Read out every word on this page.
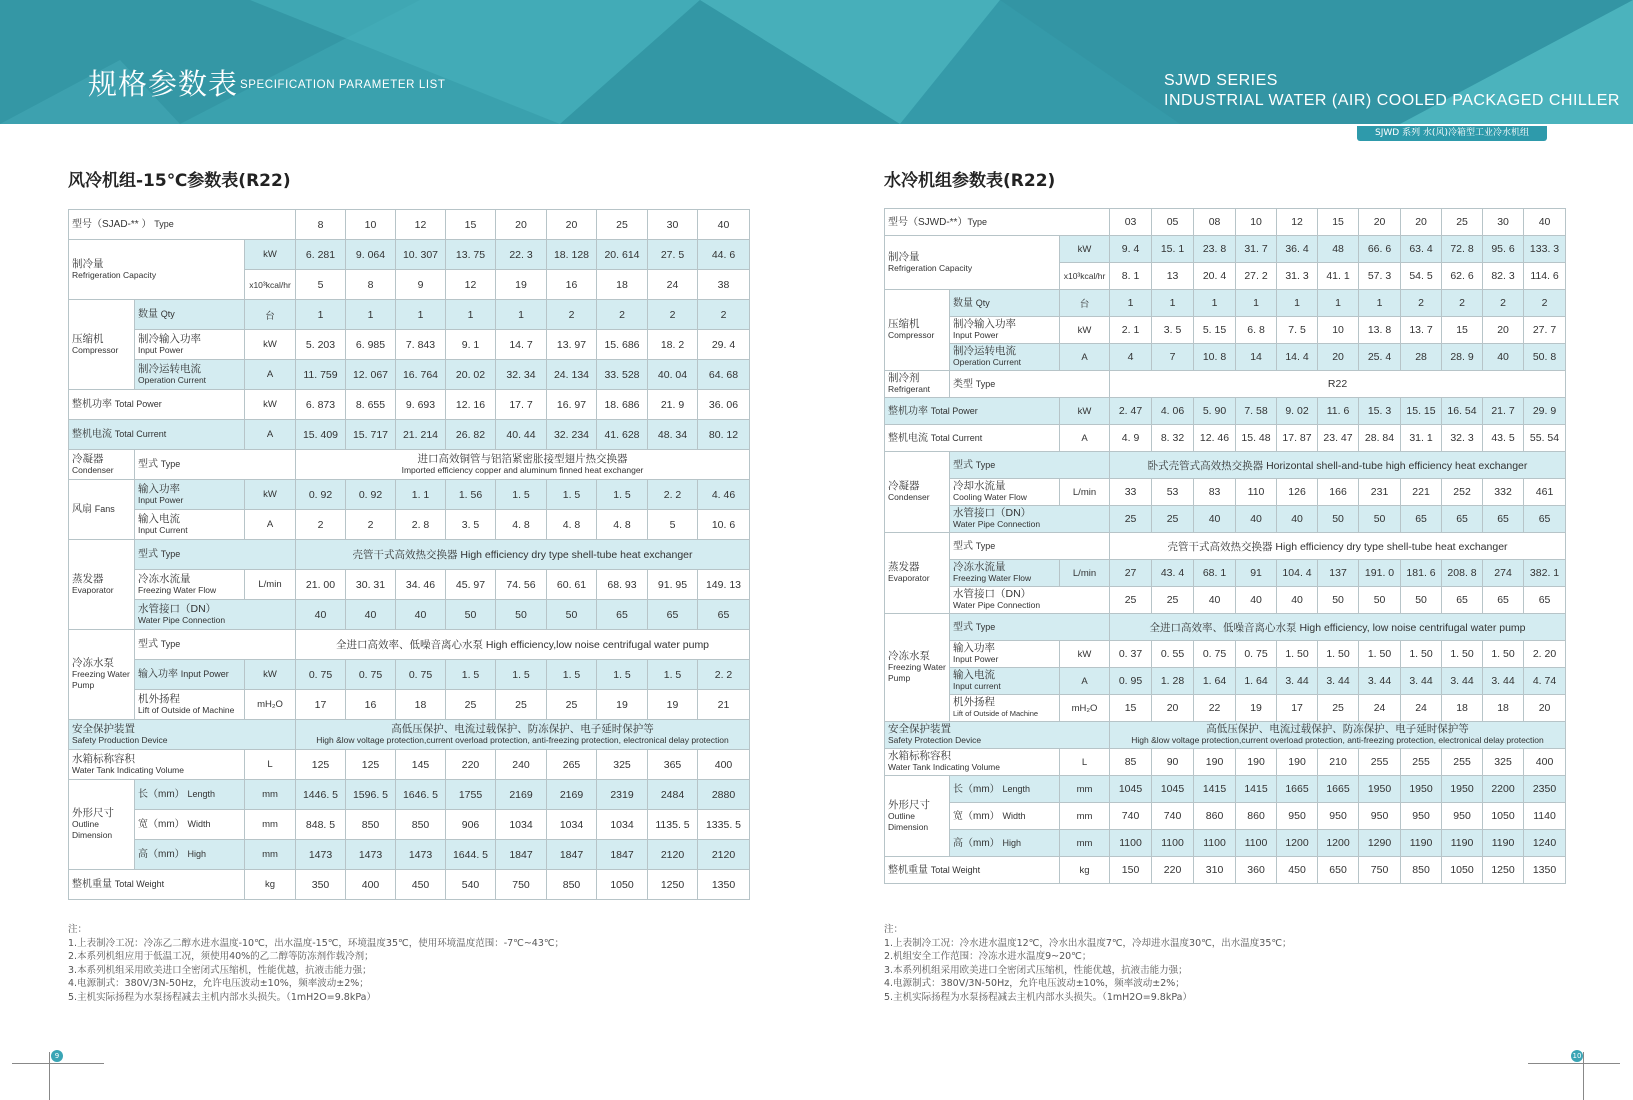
规格参数表 SPECIFICATION PARAMETER LIST	SJWD SERIES
INDUSTRIAL WATER (AIR) COOLED PACKAGED CHILLER
SJWD 系列 水(风)冷箱型工业冷水机组
风冷机组-15℃参数表(R22)
型号（SJAD-** ） Type			8	10	12	15	20	20	25	30	40

制冷量
Refrigeration Capacity		kW	6. 281	9. 064	10. 307	13. 75	22. 3	18. 128	20. 614	27. 5	44. 6
		x10³kcal/hr	5	8	9	12	19	16	18	24	38

压缩机
Compressor	数量 Qty	台	1	1	1	1	1	2	2	2	2

	制冷输入功率
Input Power	kW	5. 203	6. 985	7. 843	9. 1	14. 7	13. 97	15. 686	18. 2	29. 4

	制冷运转电流
Operation Current	A	11. 759	12. 067	16. 764	20. 02	32. 34	24. 134	33. 528	40. 04	64. 68
整机功率 Total Power		kW	6. 873	8. 655	9. 693	12. 16	17. 7	16. 97	18. 686	21. 9	36. 06
整机电流 Total Current		A	15. 409	15. 717	21. 214	26. 82	40. 44	32. 234	41. 628	48. 34	80. 12

冷凝器
Condenser	型式 Type		进口高效铜管与铝箔紧密胀接型翅片热交换器
Imported efficiency copper and aluminum finned heat exchanger								

风扇 Fans	输入功率
Input Power	kW	0. 92	0. 92	1. 1	1. 56	1. 5	1. 5	1. 5	2. 2	4. 46

	输入电流
Input Current	A	2	2	2. 8	3. 5	4. 8	4. 8	4. 8	5	10. 6

蒸发器
Evaporator	型式 Type		壳管干式高效热交换器 High efficiency dry type shell-tube heat exchanger								

	冷冻水流量
Freezing Water Flow	L/min	21. 00	30. 31	34. 46	45. 97	74. 56	60. 61	68. 93	91. 95	149. 13

	水管接口（DN）
Water Pipe Connection		40	40	40	50	50	50	65	65	65

冷冻水泵
Freezing Water Pump	型式 Type		全进口高效率、低噪音离心水泵 High efficiency,low noise centrifugal water pump								
	输入功率 Input Power	kW	0. 75	0. 75	0. 75	1. 5	1. 5	1. 5	1. 5	1. 5	2. 2

	机外扬程
Lift of Outside of Machine	mH₂O	17	16	18	25	25	25	19	19	21

安全保护装置
Safety Production Device			高低压保护、电流过载保护、防冻保护、电子延时保护等
High &low voltage protection,current overload protection, anti-freezing protection, electronical delay protection								

水箱标称容积
Water Tank Indicating Volume		L	125	125	145	220	240	265	325	365	400

外形尺寸
Outline Dimension	长（mm） Length	mm	1446. 5	1596. 5	1646. 5	1755	2169	2169	2319	2484	2880
	宽（mm） Width	mm	848. 5	850	850	906	1034	1034	1034	1135. 5	1335. 5
	高（mm） High	mm	1473	1473	1473	1644. 5	1847	1847	1847	2120	2120
整机重量 Total Weight		kg	350	400	450	540	750	850	1050	1250	1350
注：
1.上表制冷工况：冷冻乙二醇水进水温度-10℃，出水温度-15℃，环境温度35℃，使用环境温度范围：-7℃~43℃；
2.本系列机组应用于低温工况，须使用40%的乙二醇等防冻剂作载冷剂；
3.本系列机组采用欧美进口全密闭式压缩机，性能优越，抗液击能力强；
4.电源制式：380V/3N-50Hz，允许电压波动±10%，频率波动±2%；
5.主机实际扬程为水泵扬程减去主机内部水头损失。（1mH2O=9.8kPa）
水冷机组参数表(R22)
型号（SJWD-**）Type			03	05	08	10	12	15	20	20	25	30	40

制冷量
Refrigeration Capacity		kW	9. 4	15. 1	23. 8	31. 7	36. 4	48	66. 6	63. 4	72. 8	95. 6	133. 3
		x10³kcal/hr	8. 1	13	20. 4	27. 2	31. 3	41. 1	57. 3	54. 5	62. 6	82. 3	114. 6

压缩机
Compressor	数量 Qty	台	1	1	1	1	1	1	1	2	2	2	2

	制冷输入功率
Input Power	kW	2. 1	3. 5	5. 15	6. 8	7. 5	10	13. 8	13. 7	15	20	27. 7

	制冷运转电流
Operation Current	A	4	7	10. 8	14	14. 4	20	25. 4	28	28. 9	40	50. 8

制冷剂
Refrigerant	类型 Type		R22										
整机功率 Total Power		kW	2. 47	4. 06	5. 90	7. 58	9. 02	11. 6	15. 3	15. 15	16. 54	21. 7	29. 9
整机电流 Total Current		A	4. 9	8. 32	12. 46	15. 48	17. 87	23. 47	28. 84	31. 1	32. 3	43. 5	55. 54

冷凝器
Condenser	型式 Type		卧式壳管式高效热交换器 Horizontal shell-and-tube high efficiency heat exchanger										

	冷却水流量
Cooling Water Flow	L/min	33	53	83	110	126	166	231	221	252	332	461

	水管接口（DN）
Water Pipe Connection		25	25	40	40	40	50	50	65	65	65	65

蒸发器
Evaporator	型式 Type		壳管干式高效热交换器 High efficiency dry type shell-tube heat exchanger										

	冷冻水流量
Freezing Water Flow	L/min	27	43. 4	68. 1	91	104. 4	137	191. 0	181. 6	208. 8	274	382. 1

	水管接口（DN）
Water Pipe Connection		25	25	40	40	40	50	50	50	65	65	65

冷冻水泵
Freezing Water Pump	型式 Type		全进口高效率、低噪音离心水泵 High efficiency, low noise centrifugal water pump										

	输入功率
Input Power	kW	0. 37	0. 55	0. 75	0. 75	1. 50	1. 50	1. 50	1. 50	1. 50	1. 50	2. 20

	输入电流
Input current	A	0. 95	1. 28	1. 64	1. 64	3. 44	3. 44	3. 44	3. 44	3. 44	3. 44	4. 74

	机外扬程
Lift of Outside of Machine	mH₂O	15	20	22	19	17	25	24	24	18	18	20

安全保护装置
Safety Protection Device			高低压保护、电流过载保护、防冻保护、电子延时保护等
High &low voltage protection,current overload protection, anti-freezing protection, electronical delay protection										

水箱标称容积
Water Tank Indicating Volume		L	85	90	190	190	190	210	255	255	255	325	400

外形尺寸
Outline Dimension	长（mm） Length	mm	1045	1045	1415	1415	1665	1665	1950	1950	1950	2200	2350
	宽（mm） Width	mm	740	740	860	860	950	950	950	950	950	1050	1140
	高（mm） High	mm	1100	1100	1100	1100	1200	1200	1290	1190	1190	1190	1240
整机重量 Total Weight		kg	150	220	310	360	450	650	750	850	1050	1250	1350
注：
1.上表制冷工况：冷水进水温度12℃，冷水出水温度7℃，冷却进水温度30℃，出水温度35℃；
2.机组安全工作范围：冷冻水进水温度9~20℃；
3.本系列机组采用欧美进口全密闭式压缩机，性能优越，抗液击能力强；
4.电源制式：380V/3N-50Hz，允许电压波动±10%，频率波动±2%；
5.主机实际扬程为水泵扬程减去主机内部水头损失。（1mH2O=9.8kPa）
9	10
